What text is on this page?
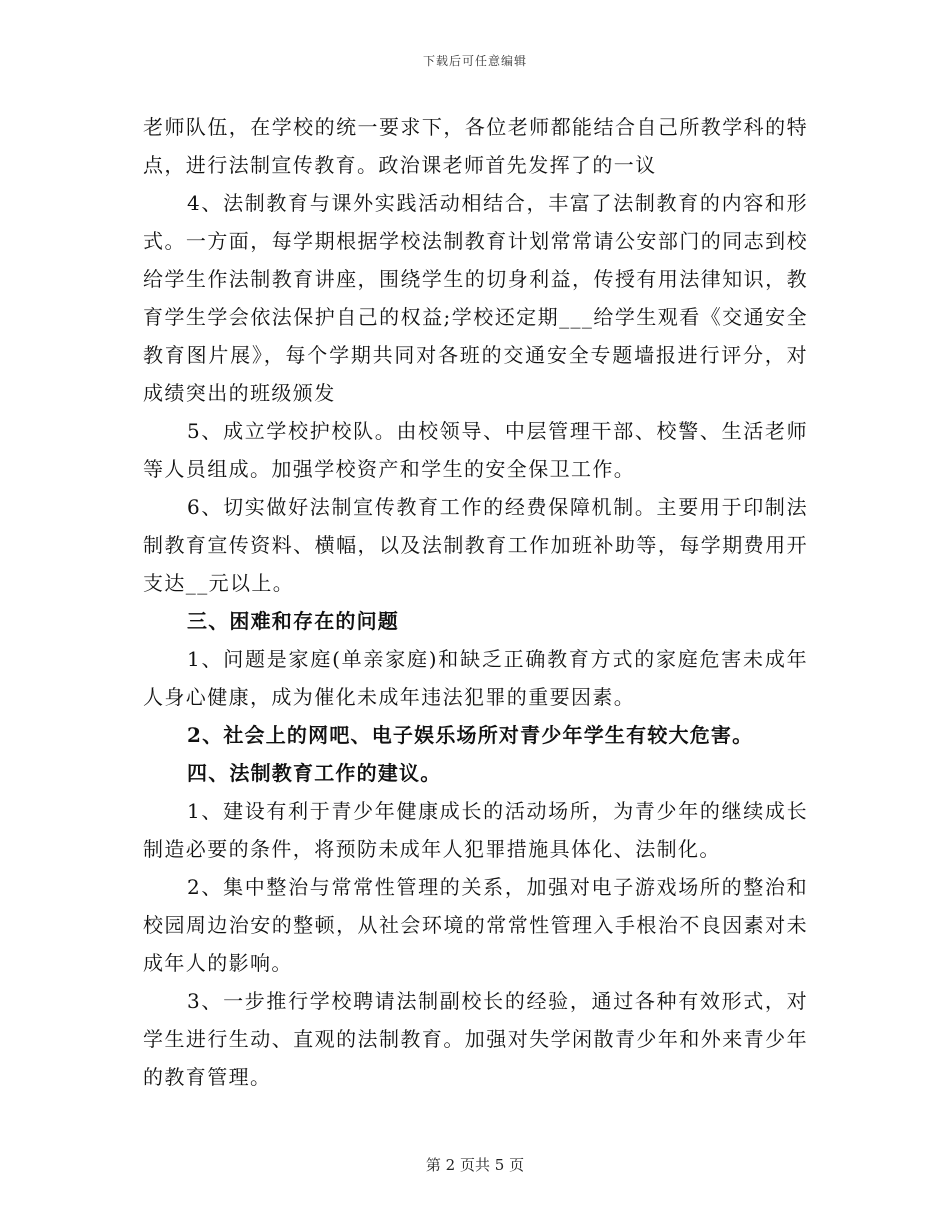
下载后可任意编辑

老师队伍，在学校的统一要求下，各位老师都能结合自己所教学科的特点，进行法制宣传教育。政治课老师首先发挥了的一议

4、法制教育与课外实践活动相结合，丰富了法制教育的内容和形式。一方面，每学期根据学校法制教育计划常常请公安部门的同志到校给学生作法制教育讲座，围绕学生的切身利益，传授有用法律知识，教育学生学会依法保护自己的权益;学校还定期___给学生观看《交通安全教育图片展》，每个学期共同对各班的交通安全专题墙报进行评分，对成绩突出的班级颁发

5、成立学校护校队。由校领导、中层管理干部、校警、生活老师等人员组成。加强学校资产和学生的安全保卫工作。

6、切实做好法制宣传教育工作的经费保障机制。主要用于印制法制教育宣传资料、横幅，以及法制教育工作加班补助等，每学期费用开支达__元以上。

三、困难和存在的问题

1、问题是家庭(单亲家庭)和缺乏正确教育方式的家庭危害未成年人身心健康，成为催化未成年违法犯罪的重要因素。

2、社会上的网吧、电子娱乐场所对青少年学生有较大危害。

四、法制教育工作的建议。

1、建设有利于青少年健康成长的活动场所，为青少年的继续成长制造必要的条件，将预防未成年人犯罪措施具体化、法制化。

2、集中整治与常常性管理的关系，加强对电子游戏场所的整治和校园周边治安的整顿，从社会环境的常常性管理入手根治不良因素对未成年人的影响。

3、一步推行学校聘请法制副校长的经验，通过各种有效形式，对学生进行生动、直观的法制教育。加强对失学闲散青少年和外来青少年的教育管理。

第 2 页共 5 页
